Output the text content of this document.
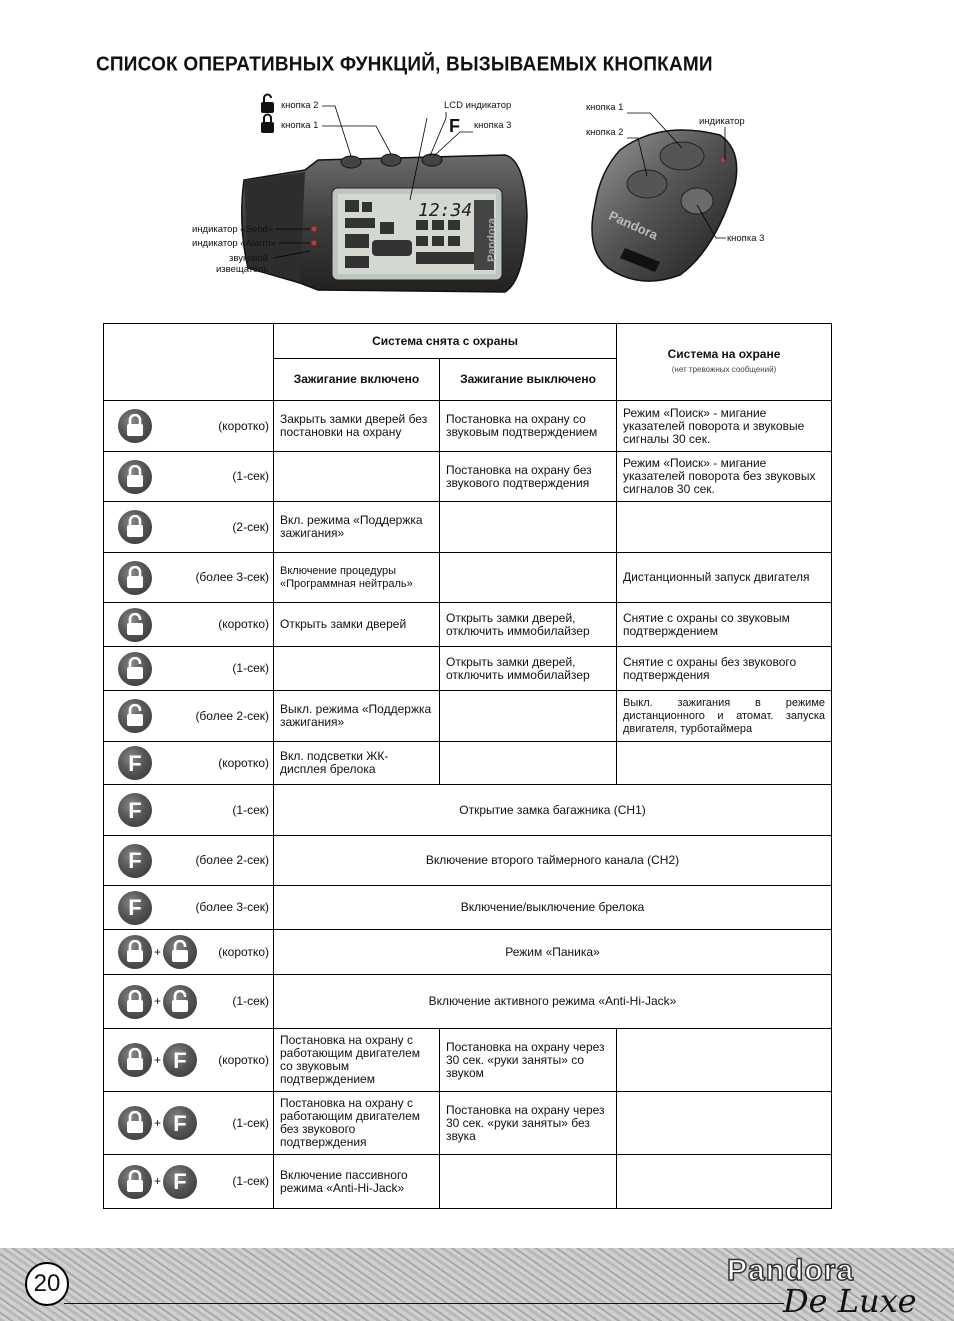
СПИСОК ОПЕРАТИВНЫХ ФУНКЦИЙ, ВЫЗЫВАЕМЫХ КНОПКАМИ
F
12:34
Pandora	Pandora
кнопка 2
кнопка 1
LCD индикатор
кнопка 3
индикатор «Send»
индикатор «Alarm»
звуковой
извещатель
кнопка 1
кнопка 2
индикатор
кнопка 3
	Система снята с охраны		Система на охране
(нет тревожных сообщений)

	Зажигание включено	Зажигание выключено	

(коротко)	Закрыть замки дверей без постановки на охрану	Постановка на охрану со звуковым подтверждением	Режим «Поиск» - мигание указателей поворота и звуковые сигналы 30 сек.

(1-сек)		Постановка на охрану без звукового подтверждения	Режим «Поиск» - мигание указателей поворота без звуковых сигналов 30 сек.

(2-сек)	Вкл. режима «Поддержка зажигания»		

(более 3-сек)	Включение процедуры «Программная нейтраль»		Дистанционный запуск двигателя

(коротко)	Открыть замки дверей	Открыть замки дверей, отключить иммобилайзер	Снятие с охраны со звуковым подтверждением

(1-сек)		Открыть замки дверей, отключить иммобилайзер	Снятие с охраны без звукового подтверждения

(более 2-сек)	Выкл. режима «Поддержка зажигания»		Выкл. зажигания в режиме дистанционного и атомат. запуска двигателя, турботаймера

F (коротко)	Вкл. подсветки ЖК-дисплея брелока		

F (1-сек)	Открытие замка багажника (CH1)		

F (более 2-сек)	Включение второго таймерного канала (CH2)		

F (более 3-сек)	Включение/выключение брелока		

+ (коротко)	Режим «Паника»		

+ (1-сек)	Включение активного режима «Anti-Hi-Jack»		

+ F (коротко)	Постановка на охрану с работающим двигателем со звуковым подтверждением	Постановка на охрану через 30 сек. «руки заняты» со звуком	

+ F (1-сек)	Постановка на охрану с работающим двигателем без звукового подтверждения	Постановка на охрану через 30 сек. «руки заняты» без звука	

+ F (1-сек)	Включение пассивного режима «Anti-Hi-Jack»		
20	Pandora
De Luxe
